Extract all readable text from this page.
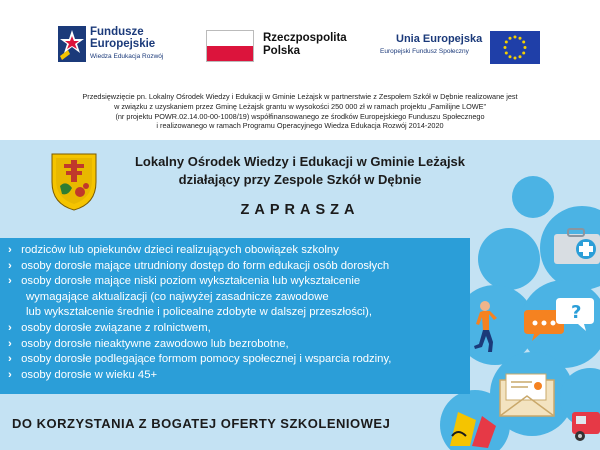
Fundusze
Europejskie
Wiedza Edukacja Rozwój
Rzeczpospolita
Polska
Unia Europejska
Europejski Fundusz Społeczny
Przedsięwzięcie pn. Lokalny Ośrodek Wiedzy i Edukacji w Gminie Leżajsk w partnerstwie z Zespołem Szkół w Dębnie realizowane jest
w związku z uzyskaniem przez Gminę Leżajsk grantu w wysokości 250 000 zł w ramach projektu „Familijne LOWE”
(nr projektu POWR.02.14.00-00-1008/19) współfinansowanego ze środków Europejskiego Funduszu Społecznego
i realizowanego w ramach Programu Operacyjnego Wiedza Edukacja Rozwój 2014-2020
?
Lokalny Ośrodek Wiedzy i Edukacji w Gminie Leżajsk
działający przy Zespole Szkół w Dębnie
ZAPRASZA
› rodziców lub opiekunów dzieci realizujących obowiązek szkolny
› osoby dorosłe mające utrudniony dostęp do form edukacji osób dorosłych
› osoby dorosłe mające niski poziom wykształcenia lub wykształcenie
wymagające aktualizacji (co najwyżej zasadnicze zawodowe
lub wykształcenie średnie i policealne zdobyte w dalszej przeszłości),
› osoby dorosłe związane z rolnictwem,
› osoby dorosłe nieaktywne zawodowo lub bezrobotne,
› osoby dorosłe podlegające formom pomocy społecznej i wsparcia rodziny,
› osoby dorosłe w wieku 45+
DO KORZYSTANIA Z BOGATEJ OFERTY SZKOLENIOWEJ
